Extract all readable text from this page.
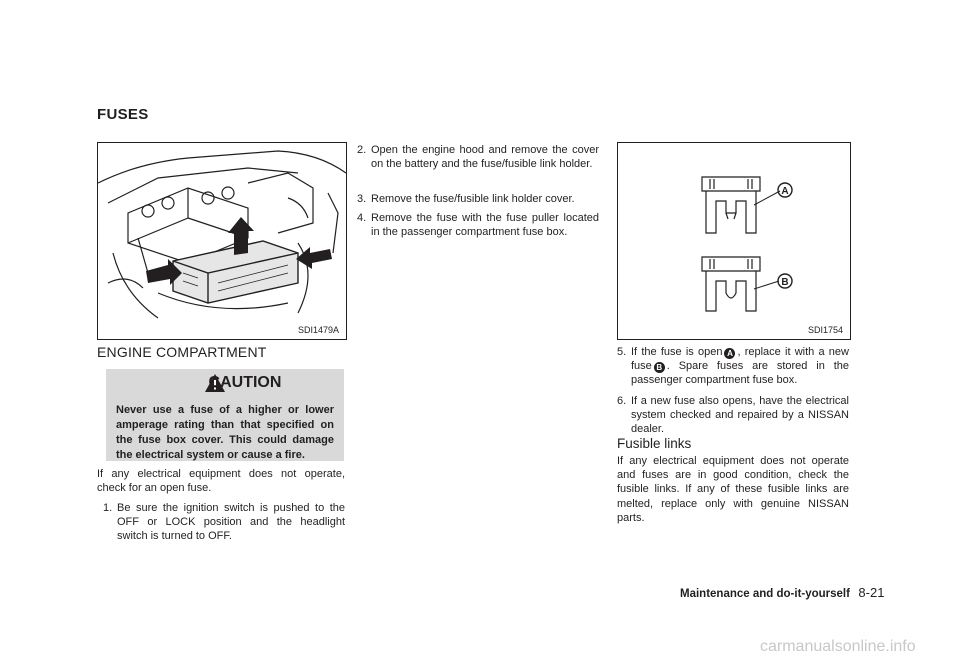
FUSES
SDI1479A
ENGINE COMPARTMENT
CAUTION
Never use a fuse of a higher or lower amperage rating than that specified on the fuse box cover. This could damage the electrical system or cause a fire.
If any electrical equipment does not operate, check for an open fuse.
1. Be sure the ignition switch is pushed to the OFF or LOCK position and the headlight switch is turned to OFF.
2. Open the engine hood and remove the cover on the battery and the fuse/fusible link holder.
3. Remove the fuse/fusible link holder cover.
4. Remove the fuse with the fuse puller located in the passenger compartment fuse box.
A
B
SDI1754
5. If the fuse is open A , replace it with a new fuse B . Spare fuses are stored in the passenger compartment fuse box.
6. If a new fuse also opens, have the electrical system checked and repaired by a NISSAN dealer.
Fusible links
If any electrical equipment does not operate and fuses are in good condition, check the fusible links. If any of these fusible links are melted, replace only with genuine NISSAN parts.
Maintenance and do-it-yourself 8-21
carmanualsonline.info
